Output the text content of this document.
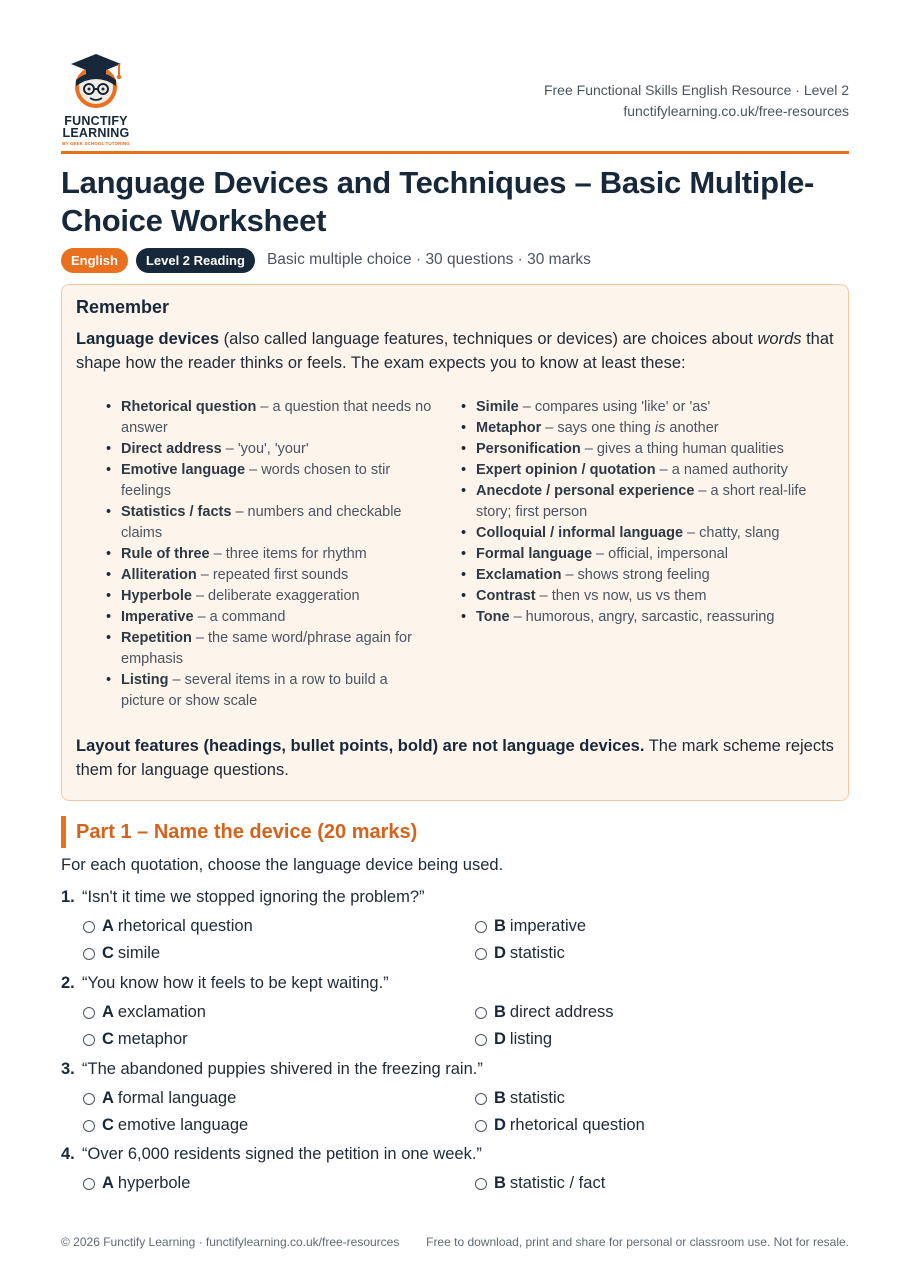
FUNCTIFY
LEARNING
BY GEEK SCHOOL TUTORING
Free Functional Skills English Resource · Level 2
functifylearning.co.uk/free-resources
Language Devices and Techniques – Basic Multiple-Choice Worksheet
English	Level 2 Reading	Basic multiple choice · 30 questions · 30 marks
Remember
Language devices (also called language features, techniques or devices) are choices about words that shape how the reader thinks or feels. The exam expects you to know at least these:
• Rhetorical question – a question that needs no answer
• Direct address – 'you', 'your'
• Emotive language – words chosen to stir feelings
• Statistics / facts – numbers and checkable claims
• Rule of three – three items for rhythm
• Alliteration – repeated first sounds
• Hyperbole – deliberate exaggeration
• Imperative – a command
• Repetition – the same word/phrase again for emphasis
• Listing – several items in a row to build a picture or show scale
• Simile – compares using 'like' or 'as'
• Metaphor – says one thing is another
• Personification – gives a thing human qualities
• Expert opinion / quotation – a named authority
• Anecdote / personal experience – a short real-life story; first person
• Colloquial / informal language – chatty, slang
• Formal language – official, impersonal
• Exclamation – shows strong feeling
• Contrast – then vs now, us vs them
• Tone – humorous, angry, sarcastic, reassuring
Layout features (headings, bullet points, bold) are not language devices. The mark scheme rejects them for language questions.
Part 1 – Name the device (20 marks)
For each quotation, choose the language device being used.
1. “Isn't it time we stopped ignoring the problem?”
A rhetorical question	B imperative
C simile	D statistic
2. “You know how it feels to be kept waiting.”
A exclamation	B direct address
C metaphor	D listing
3. “The abandoned puppies shivered in the freezing rain.”
A formal language	B statistic
C emotive language	D rhetorical question
4. “Over 6,000 residents signed the petition in one week.”
A hyperbole	B statistic / fact
© 2026 Functify Learning · functifylearning.co.uk/free-resources	Free to download, print and share for personal or classroom use. Not for resale.
